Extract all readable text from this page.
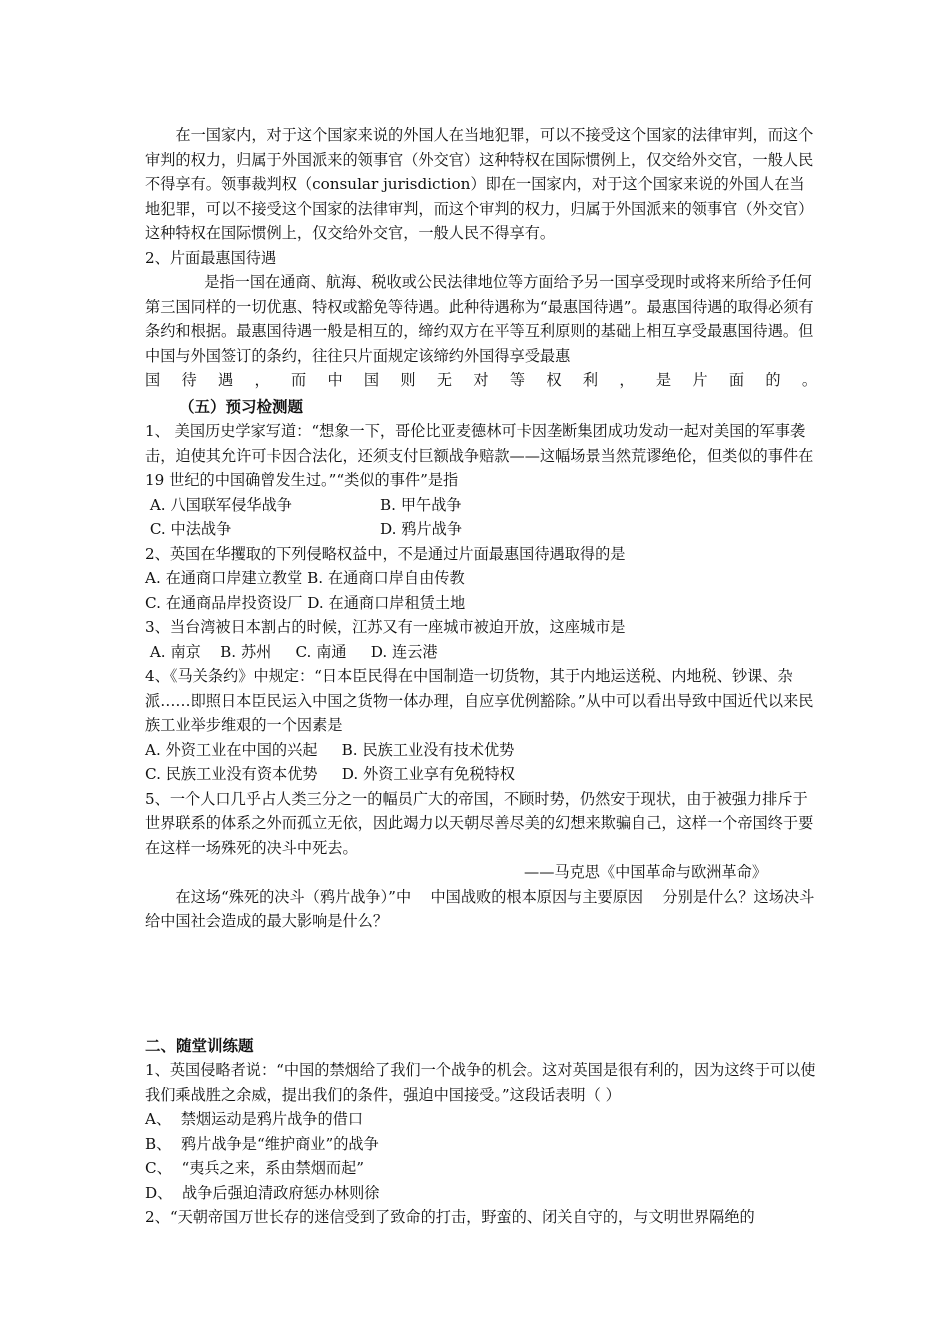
在一国家内，对于这个国家来说的外国人在当地犯罪，可以不接受这个国家的法律审判，而这个审判的权力，归属于外国派来的领事官（外交官）这种特权在国际惯例上，仅交给外交官，一般人民不得享有。领事裁判权（consular jurisdiction）即在一国家内，对于这个国家来说的外国人在当地犯罪，可以不接受这个国家的法律审判，而这个审判的权力，归属于外国派来的领事官（外交官）这种特权在国际惯例上，仅交给外交官，一般人民不得享有。

2、片面最惠国待遇

是指一国在通商、航海、税收或公民法律地位等方面给予另一国享受现时或将来所给予任何第三国同样的一切优惠、特权或豁免等待遇。此种待遇称为“最惠国待遇”。最惠国待遇的取得必须有条约和根据。最惠国待遇一般是相互的，缔约双方在平等互利原则的基础上相互享受最惠国待遇。但中国与外国签订的条约，往往只片面规定该缔约外国得享受最惠

国待遇，而中国则无对等权利，是片面的。

（五）预习检测题

1、 美国历史学家写道：“想象一下，哥伦比亚麦德林可卡因垄断集团成功发动一起对美国的军事袭击，迫使其允许可卡因合法化，还须支付巨额战争赔款——这幅场景当然荒谬绝伦，但类似的事件在 19 世纪的中国确曾发生过。”“类似的事件”是指

A. 八国联军侵华战争	B. 甲午战争
C. 中法战争	D. 鸦片战争

2、英国在华攫取的下列侵略权益中，不是通过片面最惠国待遇取得的是

A. 在通商口岸建立教堂 B. 在通商口岸自由传教

C. 在通商品岸投资设厂 D. 在通商口岸租赁土地

3、当台湾被日本割占的时候，江苏又有一座城市被迫开放，这座城市是

A. 南京    B. 苏州     C. 南通     D. 连云港

4、《马关条约》中规定：“日本臣民得在中国制造一切货物，其于内地运送税、内地税、钞课、杂派……即照日本臣民运入中国之货物一体办理，自应享优例豁除。”从中可以看出导致中国近代以来民族工业举步维艰的一个因素是

A. 外资工业在中国的兴起     B. 民族工业没有技术优势

C. 民族工业没有资本优势     D. 外资工业享有免税特权

5、一个人口几乎占人类三分之一的幅员广大的帝国，不顾时势，仍然安于现状，由于被强力排斥于世界联系的体系之外而孤立无依，因此竭力以天朝尽善尽美的幻想来欺骗自己，这样一个帝国终于要在这样一场殊死的决斗中死去。

——马克思《中国革命与欧洲革命》

在这场“殊死的决斗（鸦片战争）”中    中国战败的根本原因与主要原因    分别是什么？这场决斗给中国社会造成的最大影响是什么？

二、随堂训练题

1、英国侵略者说：“中国的禁烟给了我们一个战争的机会。这对英国是很有利的，因为这终于可以使我们乘战胜之余威，提出我们的条件，强迫中国接受。”这段话表明（ ）

A、  禁烟运动是鸦片战争的借口

B、  鸦片战争是“维护商业”的战争

C、  “夷兵之来，系由禁烟而起”

D、  战争后强迫清政府惩办林则徐

2、“天朝帝国万世长存的迷信受到了致命的打击，野蛮的、闭关自守的，与文明世界隔绝的
